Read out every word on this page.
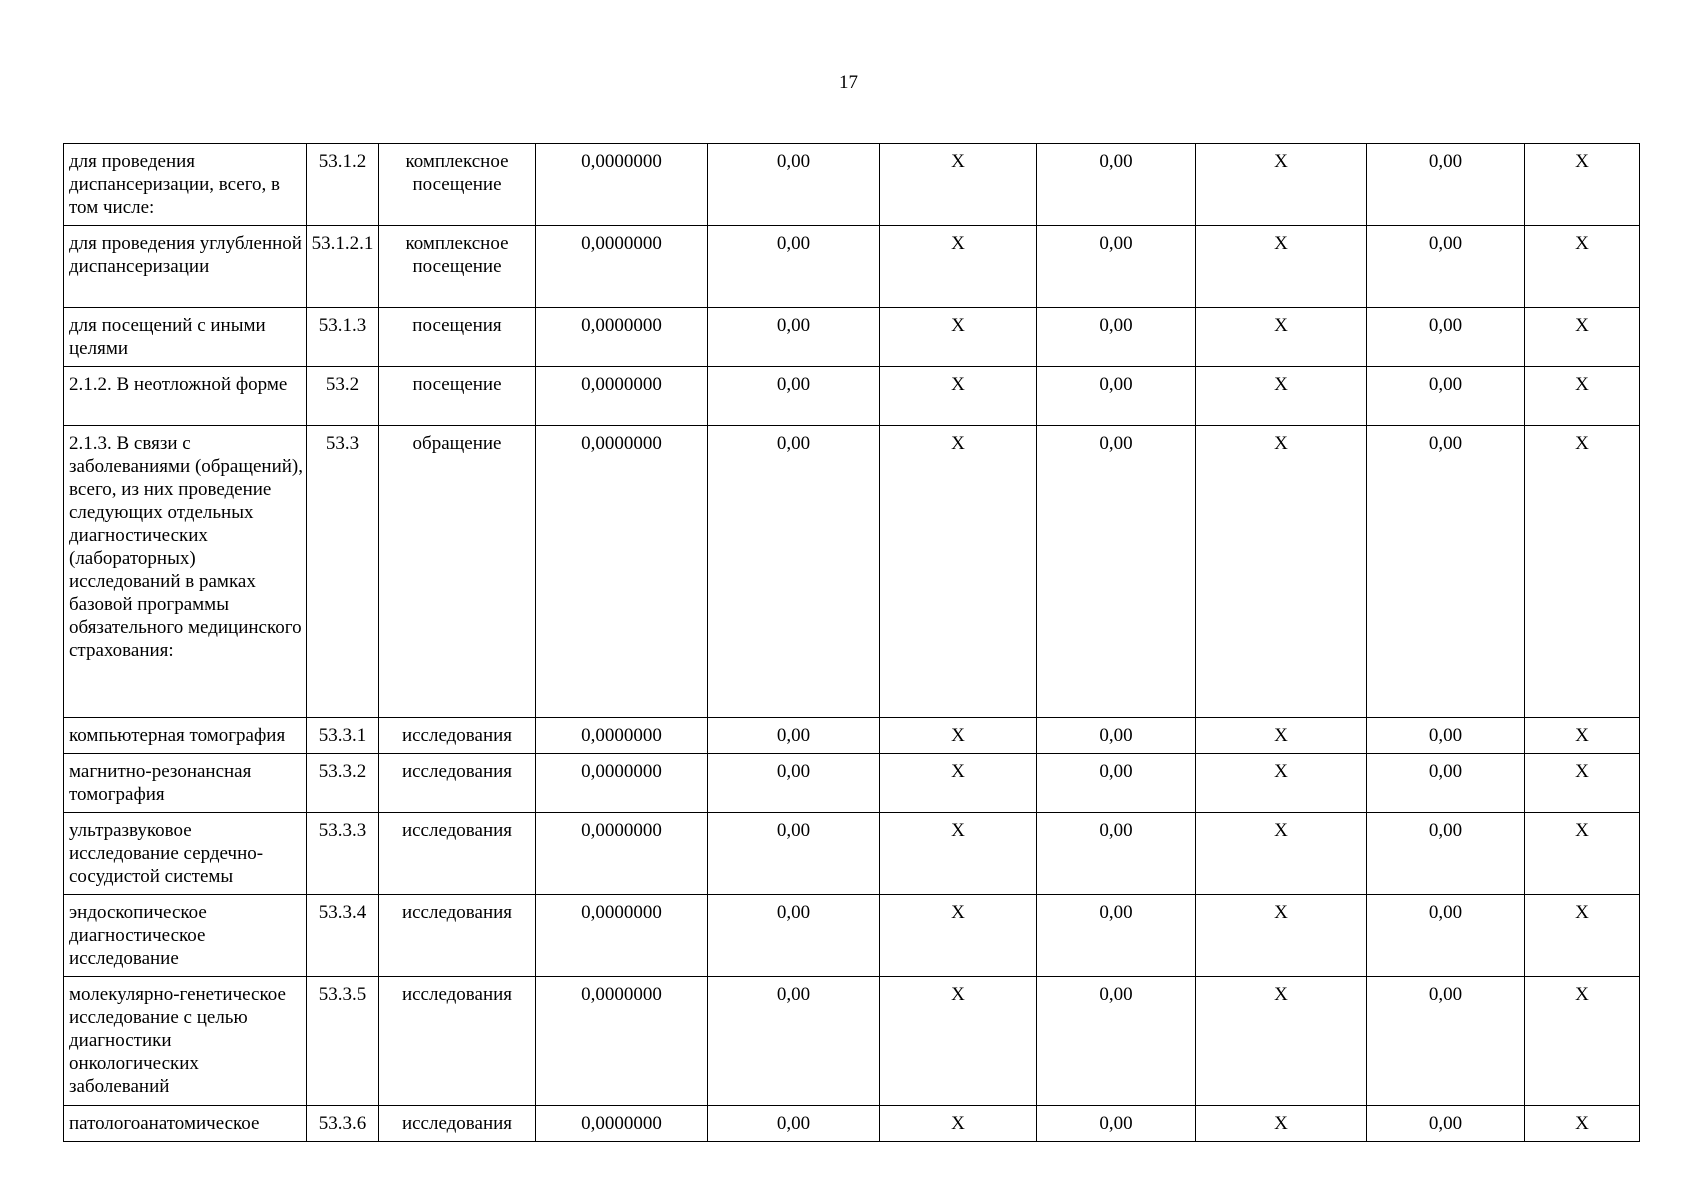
17
для проведения диспансеризации, всего, в том числе:	53.1.2	комплексное посещение	0,0000000	0,00	X	0,00	X	0,00	X
для проведения углубленной диспансеризации	53.1.2.1	комплексное посещение	0,0000000	0,00	X	0,00	X	0,00	X
для посещений с иными целями	53.1.3	посещения	0,0000000	0,00	X	0,00	X	0,00	X
2.1.2. В неотложной форме	53.2	посещение	0,0000000	0,00	X	0,00	X	0,00	X
2.1.3. В связи с заболеваниями (обращений), всего, из них проведение следующих отдельных диагностических (лабораторных) исследований в рамках базовой программы обязательного медицинского страхования:	53.3	обращение	0,0000000	0,00	X	0,00	X	0,00	X
компьютерная томография	53.3.1	исследования	0,0000000	0,00	X	0,00	X	0,00	X
магнитно-резонансная томография	53.3.2	исследования	0,0000000	0,00	X	0,00	X	0,00	X
ультразвуковое исследование сердечно-сосудистой системы	53.3.3	исследования	0,0000000	0,00	X	0,00	X	0,00	X
эндоскопическое диагностическое исследование	53.3.4	исследования	0,0000000	0,00	X	0,00	X	0,00	X
молекулярно-генетическое исследование с целью диагностики онкологических заболеваний	53.3.5	исследования	0,0000000	0,00	X	0,00	X	0,00	X
патологоанатомическое	53.3.6	исследования	0,0000000	0,00	X	0,00	X	0,00	X
